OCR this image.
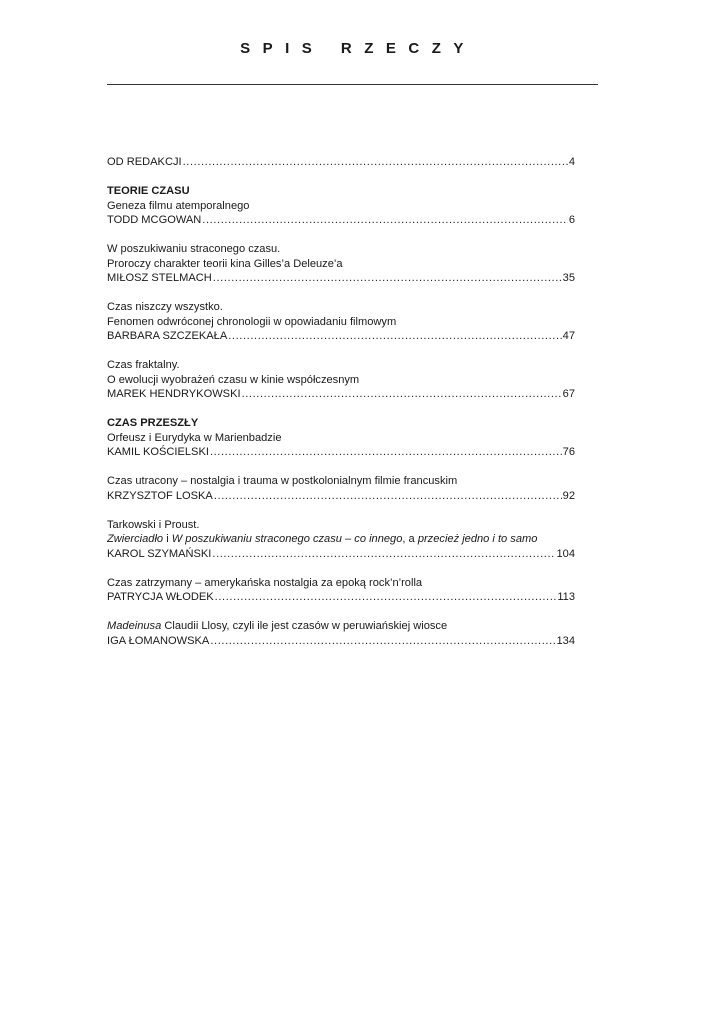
SPIS RZECZY
OD REDAKCJI .....	4
TEORIE CZASU
Geneza filmu atemporalnego
TODD MCGOWAN .....	6
W poszukiwaniu straconego czasu.
Proroczy charakter teorii kina Gilles’a Deleuze’a
MIŁOSZ STELMACH .....	35
Czas niszczy wszystko.
Fenomen odwróconej chronologii w opowiadaniu filmowym
BARBARA SZCZEKAŁA .....	47
Czas fraktalny.
O ewolucji wyobrażeń czasu w kinie współczesnym
MAREK HENDRYKOWSKI .....	67
CZAS PRZESZŁY
Orfeusz i Eurydyka w Marienbadzie
KAMIL KOŚCIELSKI .....	76
Czas utracony – nostalgia i trauma w postkolonialnym filmie francuskim
KRZYSZTOF LOSKA .....	92
Tarkowski i Proust.
Zwierciadło i W poszukiwaniu straconego czasu – co innego, a przecież jedno i to samo
KAROL SZYMAŃSKI .....	104
Czas zatrzymany – amerykańska nostalgia za epoką rock’n’rolla
PATRYCJA WŁODEK .....	113
Madeinusa Claudii Llosy, czyli ile jest czasów w peruwiańskiej wiosce
IGA ŁOMANOWSKA .....	134
